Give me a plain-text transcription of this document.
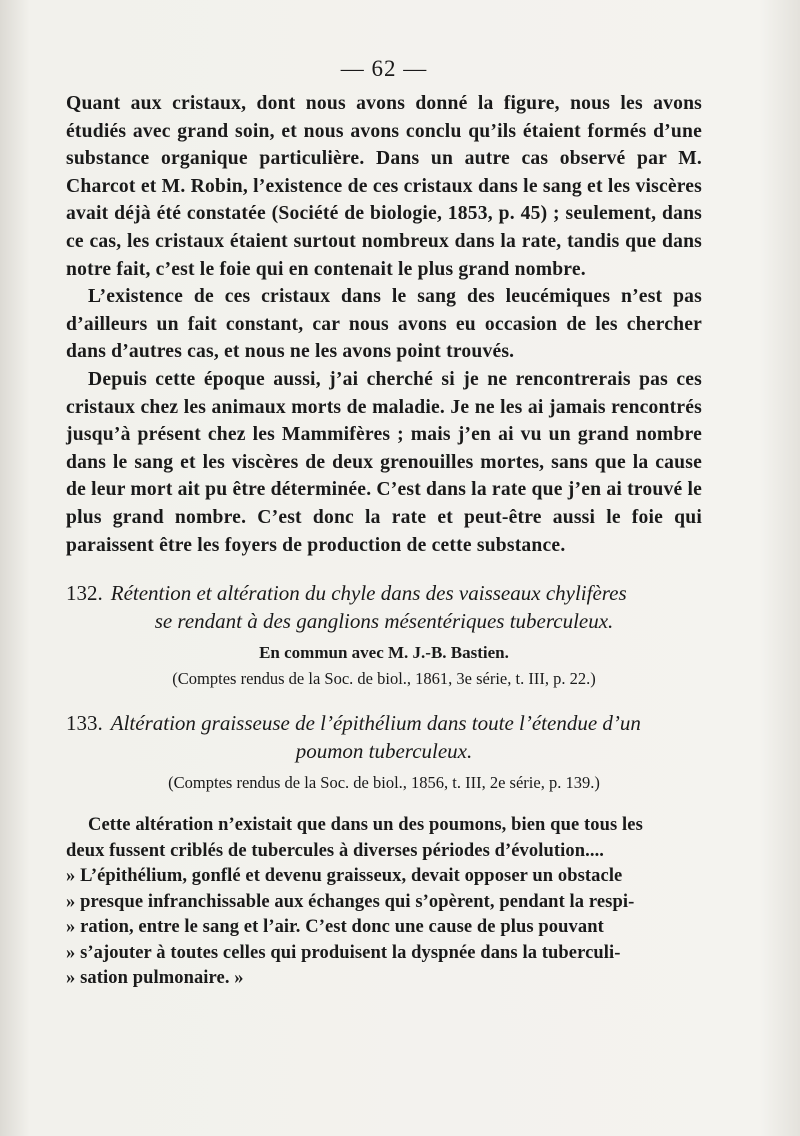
— 62 —

Quant aux cristaux, dont nous avons donné la figure, nous les avons étudiés avec grand soin, et nous avons conclu qu’ils étaient formés d’une substance organique particulière. Dans un autre cas observé par M. Charcot et M. Robin, l’existence de ces cristaux dans le sang et les viscères avait déjà été constatée (Société de biologie, 1853, p. 45) ; seulement, dans ce cas, les cristaux étaient surtout nombreux dans la rate, tandis que dans notre fait, c’est le foie qui en contenait le plus grand nombre.

L’existence de ces cristaux dans le sang des leucémiques n’est pas d’ailleurs un fait constant, car nous avons eu occasion de les chercher dans d’autres cas, et nous ne les avons point trouvés.

Depuis cette époque aussi, j’ai cherché si je ne rencontrerais pas ces cristaux chez les animaux morts de maladie. Je ne les ai jamais rencontrés jusqu’à présent chez les Mammifères ; mais j’en ai vu un grand nombre dans le sang et les viscères de deux grenouilles mortes, sans que la cause de leur mort ait pu être déterminée. C’est dans la rate que j’en ai trouvé le plus grand nombre. C’est donc la rate et peut-être aussi le foie qui paraissent être les foyers de production de cette substance.

132. Rétention et altération du chyle dans des vaisseaux chylifères
se rendant à des ganglions mésentériques tuberculeux.

En commun avec M. J.-B. Bastien.
(Comptes rendus de la Soc. de biol., 1861, 3e série, t. III, p. 22.)

133. Altération graisseuse de l’épithélium dans toute l’étendue d’un
poumon tuberculeux.

(Comptes rendus de la Soc. de biol., 1856, t. III, 2e série, p. 139.)

Cette altération n’existait que dans un des poumons, bien que tous les
deux fussent criblés de tubercules à diverses périodes d’évolution....
» L’épithélium, gonflé et devenu graisseux, devait opposer un obstacle
» presque infranchissable aux échanges qui s’opèrent, pendant la respi-
» ration, entre le sang et l’air. C’est donc une cause de plus pouvant
» s’ajouter à toutes celles qui produisent la dyspnée dans la tuberculi-
» sation pulmonaire. »
